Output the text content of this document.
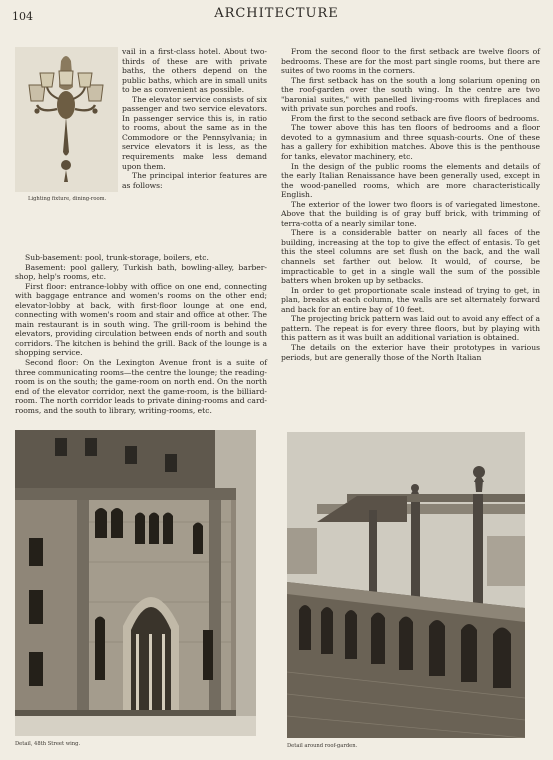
104	ARCHITECTURE
Lighting fixture, dining-room.

vail in a first-class hotel. About two-thirds of these are with private baths, the others depend on the public baths, which are in small units to be as convenient as possible.

The elevator service consists of six passenger and two service elevators. In passenger service this is, in ratio to rooms, about the same as in the Commodore or the Pennsylvania; in service elevators it is less, as the requirements make less demand upon them.

The principal interior features are as follows:

Sub-basement: pool, trunk-storage, boilers, etc.

Basement: pool gallery, Turkish bath, bowling-alley, barber-shop, help's rooms, etc.

First floor: entrance-lobby with office on one end, connecting with baggage entrance and women's rooms on the other end; elevator-lobby at back, with first-floor lounge at one end, connecting with women's room and stair and office at other. The main restaurant is in south wing. The grill-room is behind the elevators, providing circulation between ends of north and south corridors. The kitchen is behind the grill. Back of the lounge is a shopping service.

Second floor: On the Lexington Avenue front is a suite of three communicating rooms—the centre the lounge; the reading-room is on the south; the game-room on north end. On the north end of the elevator corridor, next the game-room, is the billiard-room. The north corridor leads to private dining-rooms and card-rooms, and the south to library, writing-rooms, etc.

From the second floor to the first setback are twelve floors of bedrooms. These are for the most part single rooms, but there are suites of two rooms in the corners.

The first setback has on the south a long solarium opening on the roof-garden over the south wing. In the centre are two "baronial suites," with panelled living-rooms with fireplaces and with private sun porches and roofs.

From the first to the second setback are five floors of bedrooms.

The tower above this has ten floors of bedrooms and a floor devoted to a gymnasium and three squash-courts. One of these has a gallery for exhibition matches. Above this is the penthouse for tanks, elevator machinery, etc.

In the design of the public rooms the elements and details of the early Italian Renaissance have been generally used, except in the wood-panelled rooms, which are more characteristically English.

The exterior of the lower two floors is of variegated limestone. Above that the building is of gray buff brick, with trimming of terra-cotta of a nearly similar tone.

There is a considerable batter on nearly all faces of the building, increasing at the top to give the effect of entasis. To get this the steel columns are set flush on the back, and the wall channels set farther out below. It would, of course, be impracticable to get in a single wall the sum of the possible batters when broken up by setbacks.

In order to get proportionate scale instead of trying to get, in plan, breaks at each column, the walls are set alternately forward and back for an entire bay of 10 feet.

The projecting brick pattern was laid out to avoid any effect of a pattern. The repeat is for every three floors, but by playing with this pattern as it was built an additional variation is obtained.

The details on the exterior have their prototypes in various periods, but are generally those of the North Italian

Detail, 48th Street wing.	Detail around roof-garden.
